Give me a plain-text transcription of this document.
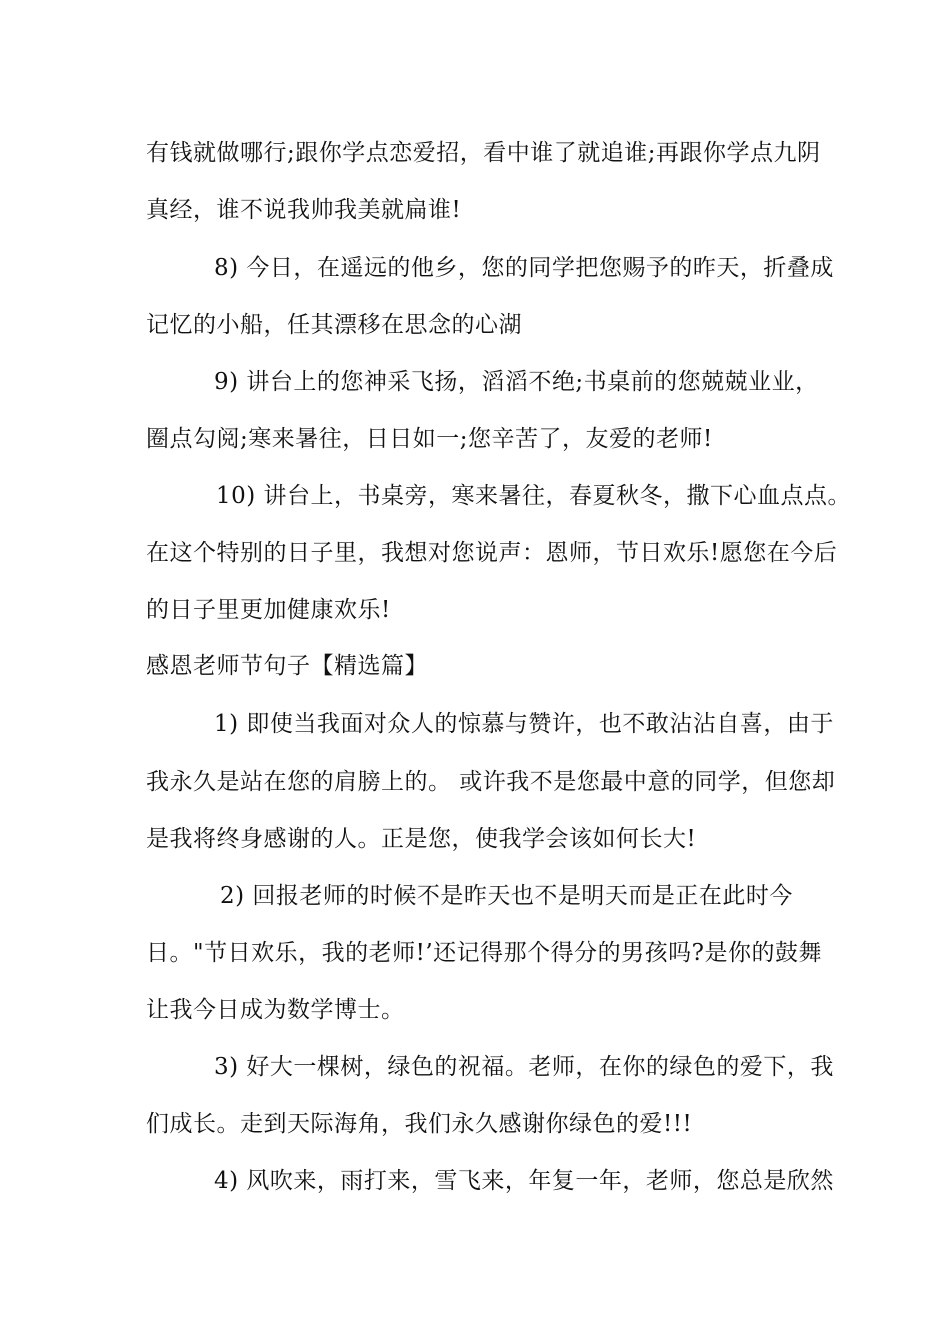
有钱就做哪行;跟你学点恋爱招，看中谁了就追谁;再跟你学点九阴
真经，谁不说我帅我美就扁谁!
8) 今日，在遥远的他乡，您的同学把您赐予的昨天，折叠成
记忆的小船，任其漂移在思念的心湖
9) 讲台上的您神采飞扬，滔滔不绝;书桌前的您兢兢业业，
圈点勾阅;寒来暑往，日日如一;您辛苦了，友爱的老师!
10) 讲台上，书桌旁，寒来暑往，春夏秋冬，撒下心血点点。
在这个特别的日子里，我想对您说声：恩师，节日欢乐!愿您在今后
的日子里更加健康欢乐!
感恩老师节句子【精选篇】
1) 即使当我面对众人的惊慕与赞许，也不敢沾沾自喜，由于
我永久是站在您的肩膀上的。 或许我不是您最中意的同学，但您却
是我将终身感谢的人。正是您，使我学会该如何长大!
2) 回报老师的时候不是昨天也不是明天而是正在此时今
日。"节日欢乐，我的老师!’还记得那个得分的男孩吗?是你的鼓舞
让我今日成为数学博士。
3) 好大一棵树，绿色的祝福。老师，在你的绿色的爱下，我
们成长。走到天际海角，我们永久感谢你绿色的爱!!!
4) 风吹来，雨打来，雪飞来，年复一年，老师，您总是欣然
